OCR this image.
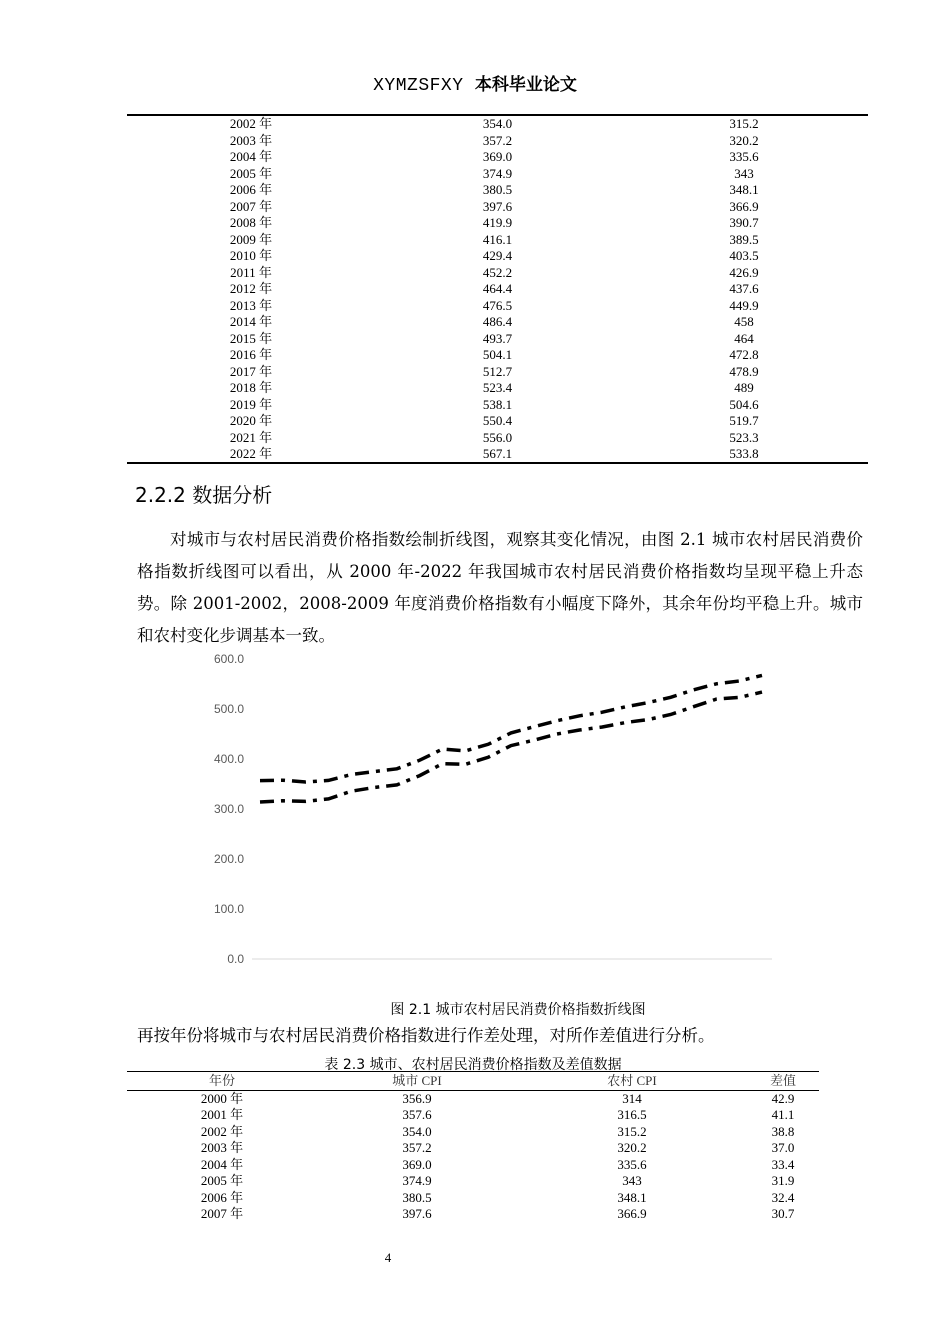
XYMZSFXY 本科毕业论文
2002 年	354.0	315.2
2003 年	357.2	320.2
2004 年	369.0	335.6
2005 年	374.9	343
2006 年	380.5	348.1
2007 年	397.6	366.9
2008 年	419.9	390.7
2009 年	416.1	389.5
2010 年	429.4	403.5
2011 年	452.2	426.9
2012 年	464.4	437.6
2013 年	476.5	449.9
2014 年	486.4	458
2015 年	493.7	464
2016 年	504.1	472.8
2017 年	512.7	478.9
2018 年	523.4	489
2019 年	538.1	504.6
2020 年	550.4	519.7
2021 年	556.0	523.3
2022 年	567.1	533.8
2.2.2 数据分析
对城市与农村居民消费价格指数绘制折线图，观察其变化情况，由图 2.1 城市农村居民消费价格指数折线图可以看出，从 2000 年-2022 年我国城市农村居民消费价格指数均呈现平稳上升态势。除 2001-2002，2008-2009 年度消费价格指数有小幅度下降外，其余年份均平稳上升。城市和农村变化步调基本一致。
0.0
100.0
200.0
300.0
400.0
500.0
600.0
图 2.1 城市农村居民消费价格指数折线图
再按年份将城市与农村居民消费价格指数进行作差处理，对所作差值进行分析。
表 2.3 城市、农村居民消费价格指数及差值数据
年份	城市 CPI	农村 CPI	差值
2000 年	356.9	314	42.9
2001 年	357.6	316.5	41.1
2002 年	354.0	315.2	38.8
2003 年	357.2	320.2	37.0
2004 年	369.0	335.6	33.4
2005 年	374.9	343	31.9
2006 年	380.5	348.1	32.4
2007 年	397.6	366.9	30.7
4
